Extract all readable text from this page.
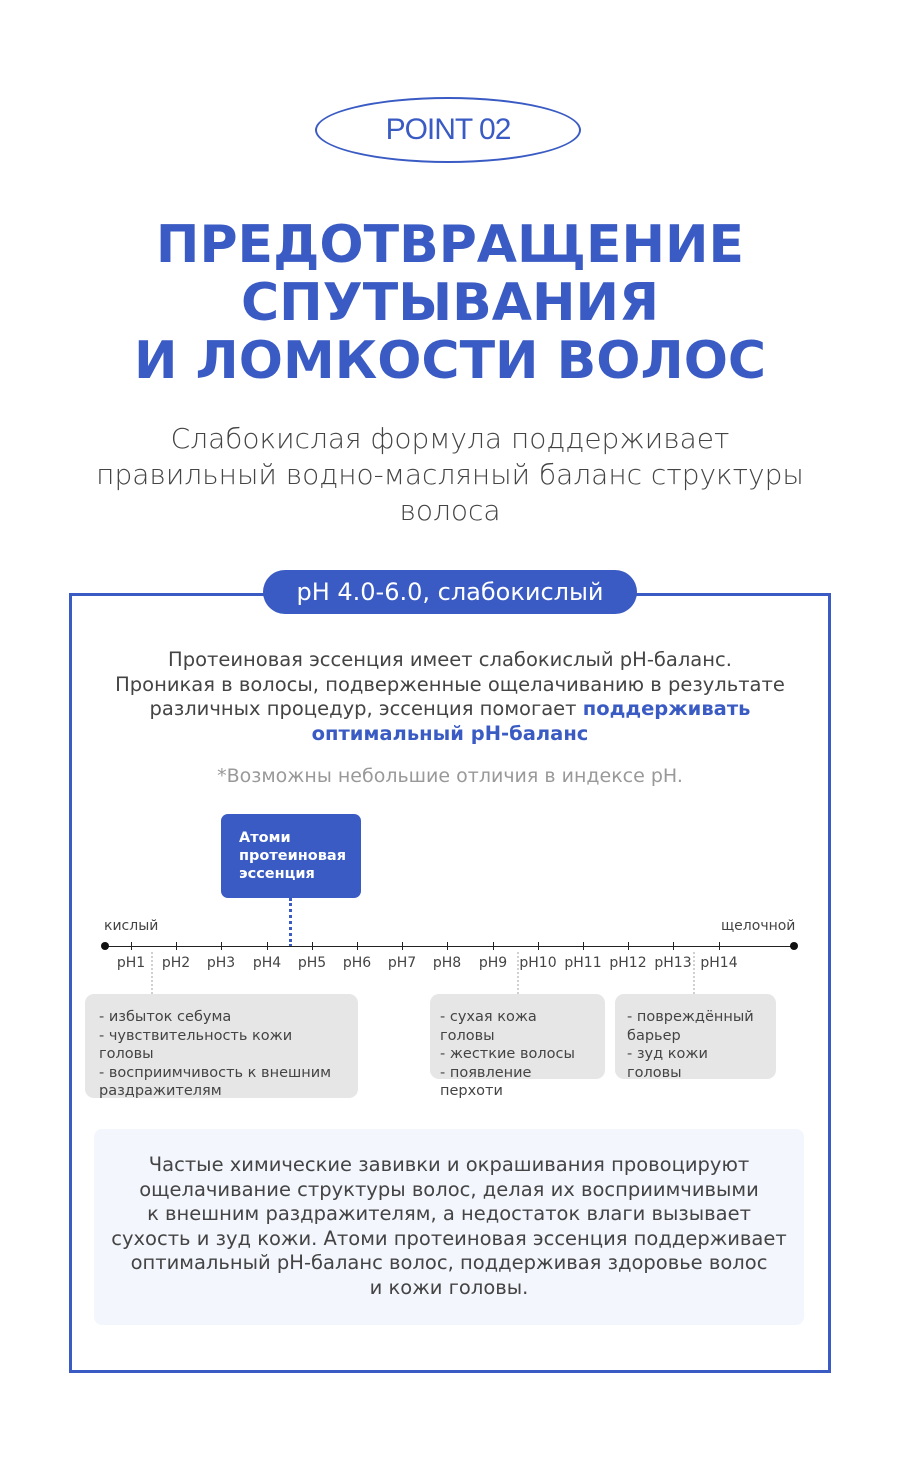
POINT 02
ПРЕДОТВРАЩЕНИЕ
СПУТЫВАНИЯ
И ЛОМКОСТИ ВОЛОС
Слабокислая формула поддерживает
правильный водно-масляный баланс структуры
волоса
pH 4.0-6.0, слабокислый
Протеиновая эссенция имеет слабокислый pH-баланс.
Проникая в волосы, подверженные ощелачиванию в результате
различных процедур, эссенция помогает поддерживать
оптимальный pH-баланс
*Возможны небольшие отличия в индексе pH.
Атоми
протеиновая
эссенция
кислый	щелочной
pH1	pH2	pH3	pH4	pH5	pH6	pH7	pH8	pH9 pH10 pH11 pH12 pH13 pH14
- избыток себума
- чувствительность кожи головы
- восприимчивость к внешним
раздражителям
- сухая кожа головы
- жесткие волосы
- появление перхоти
- повреждённый
барьер
- зуд кожи головы
Частые химические завивки и окрашивания провоцируют
ощелачивание структуры волос, делая их восприимчивыми
к внешним раздражителям, а недостаток влаги вызывает
сухость и зуд кожи. Атоми протеиновая эссенция поддерживает
оптимальный pH-баланс волос, поддерживая здоровье волос
и кожи головы.
